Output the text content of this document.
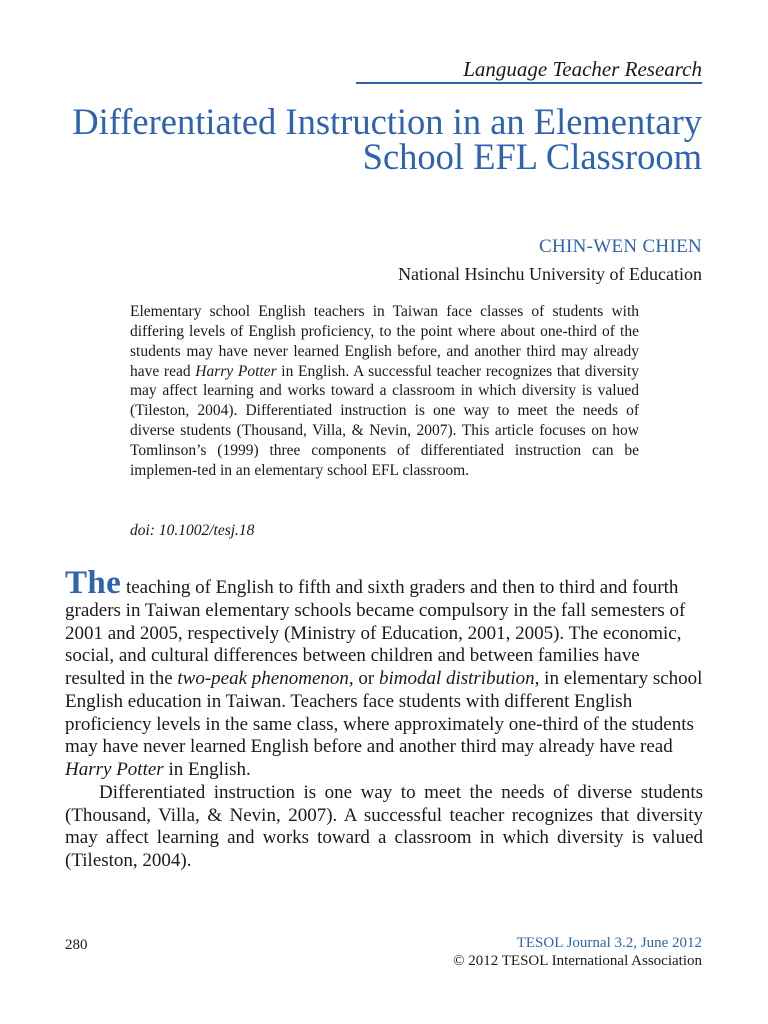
Language Teacher Research
Differentiated Instruction in an Elementary School EFL Classroom
CHIN-WEN CHIEN
National Hsinchu University of Education

Elementary school English teachers in Taiwan face classes of students with differing levels of English proficiency, to the point where about one-third of the students may have never learned English before, and another third may already have read Harry Potter in English. A successful teacher recognizes that diversity may affect learning and works toward a classroom in which diversity is valued (Tileston, 2004). Differentiated instruction is one way to meet the needs of diverse students (Thousand, Villa, & Nevin, 2007). This article focuses on how Tomlinson’s (1999) three components of differentiated instruction can be implemen-ted in an elementary school EFL classroom.

doi: 10.1002/tesj.18

The teaching of English to fifth and sixth graders and then to third and fourth graders in Taiwan elementary schools became compulsory in the fall semesters of 2001 and 2005, respectively (Ministry of Education, 2001, 2005). The economic, social, and cultural differences between children and between families have resulted in the two-peak phenomenon, or bimodal distribution, in elementary school English education in Taiwan. Teachers face students with different English proficiency levels in the same class, where approximately one-third of the students may have never learned English before and another third may already have read Harry Potter in English.

Differentiated instruction is one way to meet the needs of diverse students (Thousand, Villa, & Nevin, 2007). A successful teacher recognizes that diversity may affect learning and works toward a classroom in which diversity is valued (Tileston, 2004).

280	TESOL Journal 3.2, June 2012
© 2012 TESOL International Association
